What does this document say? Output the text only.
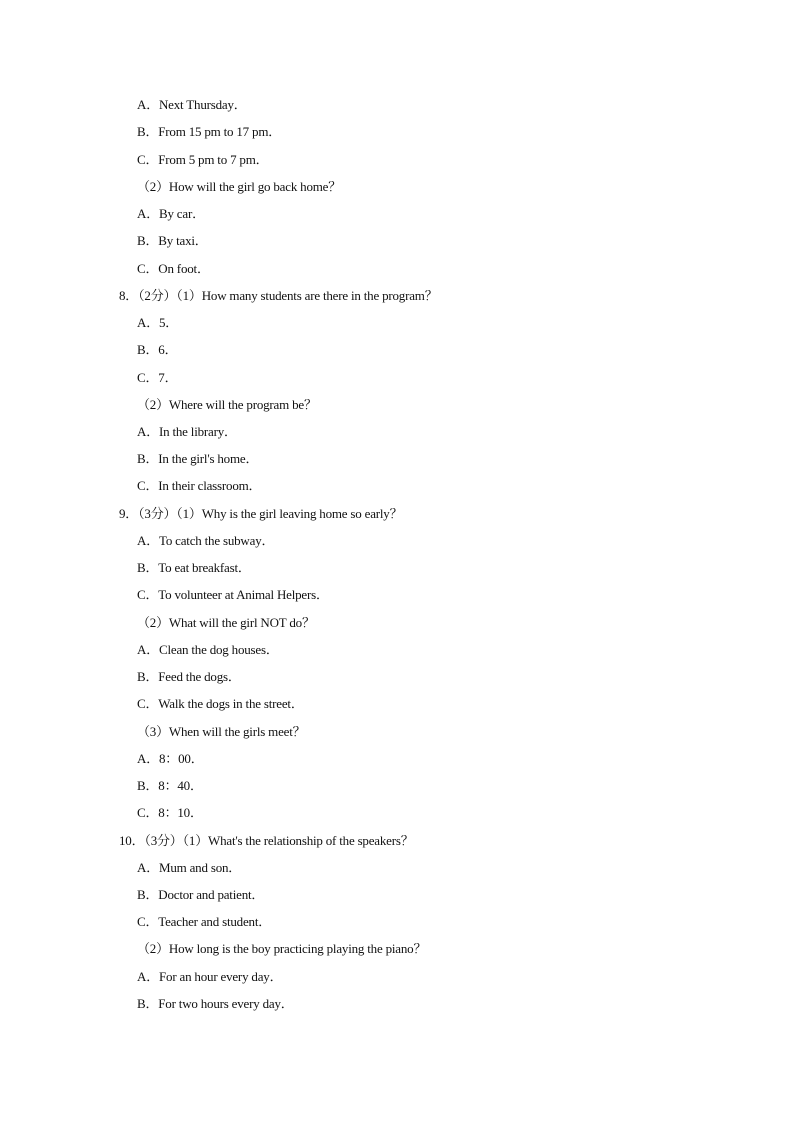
A．Next Thursday．
B．From 15 pm to 17 pm．
C．From 5 pm to 7 pm．
（2）How will the girl go back home？
A．By car．
B．By taxi．
C．On foot．
8．（2分）（1）How many students are there in the program？
A．5．
B．6．
C．7．
（2）Where will the program be？
A．In the library．
B．In the girl's home．
C．In their classroom．
9．（3分）（1）Why is the girl leaving home so early？
A．To catch the subway．
B．To eat breakfast．
C．To volunteer at Animal Helpers．
（2）What will the girl NOT do？
A．Clean the dog houses．
B．Feed the dogs．
C．Walk the dogs in the street．
（3）When will the girls meet？
A．8：00．
B．8：40．
C．8：10．
10．（3分）（1）What's the relationship of the speakers？
A．Mum and son．
B．Doctor and patient．
C．Teacher and student．
（2）How long is the boy practicing playing the piano？
A．For an hour every day．
B．For two hours every day．
